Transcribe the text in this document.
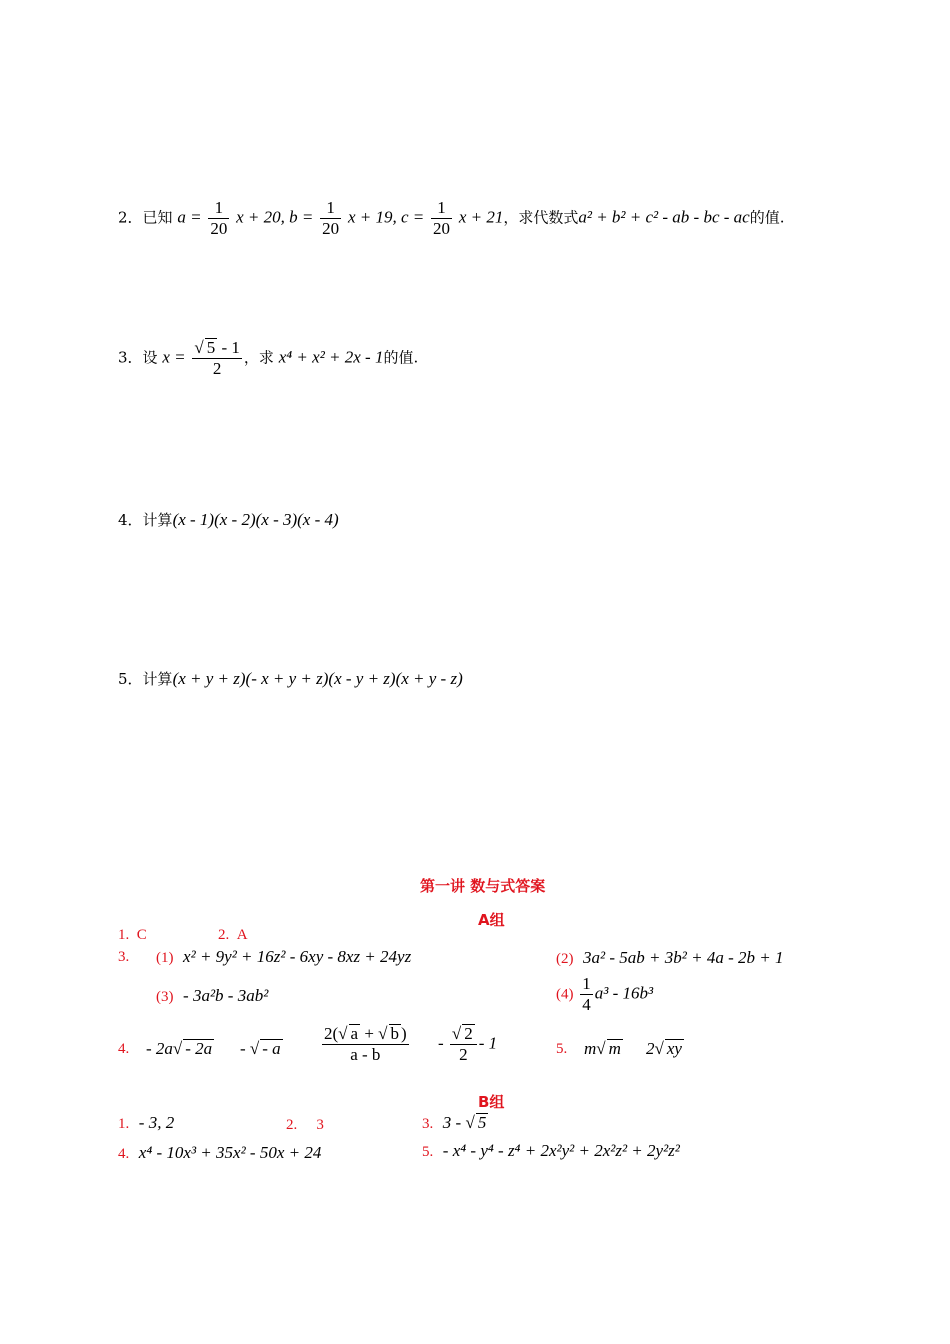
2．已知 $a = \frac{1}{20}$ x + 20, $b = \frac{1}{20}$ x + 19, $c = \frac{1}{20}$ x + 21，求代数式a² + b² + c² - ab - bc - ac的值.
3．设 $x = \frac{√ 5 - 1}{2}$ ，求 x⁴ + x² + 2x - 1的值.
4．计算(x - 1)(x - 2)(x - 3)(x - 4)
5．计算(x + y + z)(- x + y + z)(x - y + z)(x + y - z)
第一讲 数与式答案
A组
1. C	2. A
3. (1) x² + 9y² + 16z² - 6xy - 8xz + 24yz	(2) 3a² - 5ab + 3b² + 4a - 2b + 1
(3) - 3a²b - 3ab²	$(4) \frac{1}{4} a^3 - 16b^3$
4. - 2a√ - 2a - √ - a $\frac{2(√ a + √ b )}{a - b} - \frac{√ 2}{2} - 1$	5. m√ m 2√ xy
B组
1. - 3, 2	2. 3	3. 3 - √ 5
4. x⁴ - 10x³ + 35x² - 50x + 24	5. - x⁴ - y⁴ - z⁴ + 2x²y² + 2x²z² + 2y²z²
